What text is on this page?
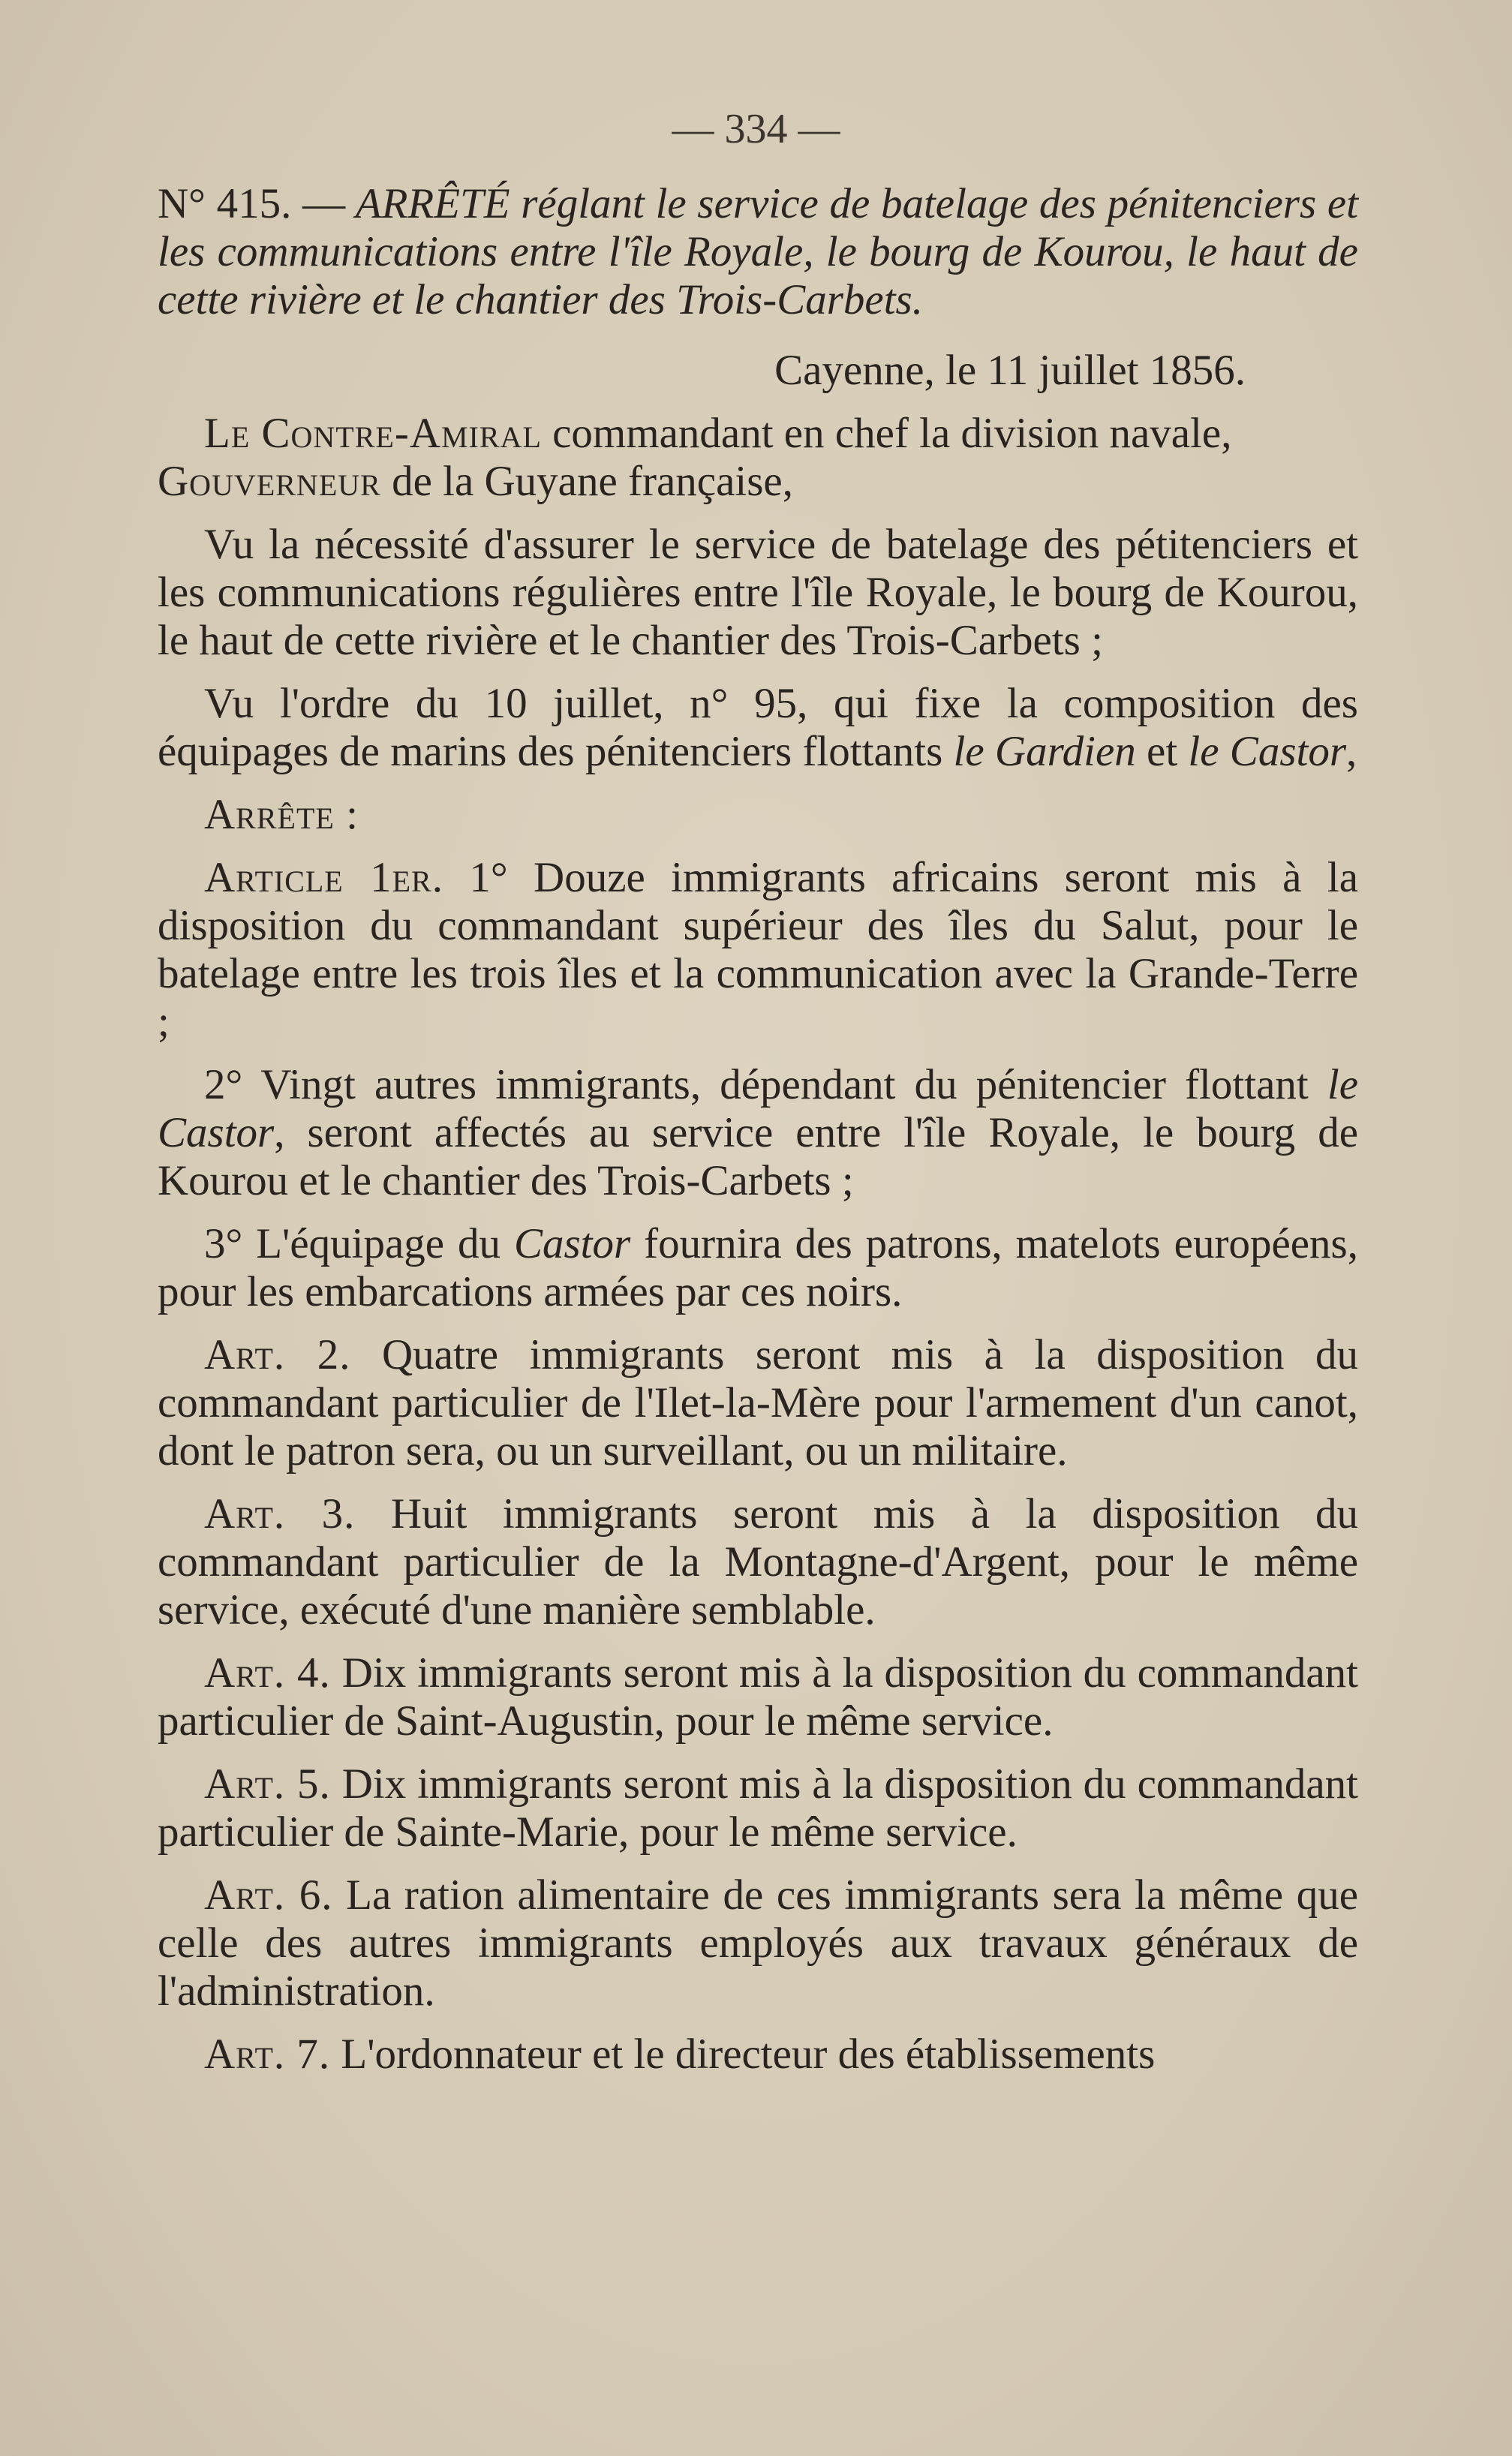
— 334 —
N° 415. — ARRÊTÉ réglant le service de batelage des pénitenciers et les communications entre l'île Royale, le bourg de Kourou, le haut de cette rivière et le chantier des Trois-Carbets.
Cayenne, le 11 juillet 1856.

Le Contre-Amiral commandant en chef la division navale,
Gouverneur de la Guyane française,

Vu la nécessité d'assurer le service de batelage des pétitenciers et les communications régulières entre l'île Royale, le bourg de Kourou, le haut de cette rivière et le chantier des Trois-Carbets ;

Vu l'ordre du 10 juillet, n° 95, qui fixe la composition des équipages de marins des pénitenciers flottants le Gardien et le Castor,

Arrête :

Article 1er. 1° Douze immigrants africains seront mis à la disposition du commandant supérieur des îles du Salut, pour le batelage entre les trois îles et la communication avec la Grande-Terre ;

2° Vingt autres immigrants, dépendant du pénitencier flottant le Castor, seront affectés au service entre l'île Royale, le bourg de Kourou et le chantier des Trois-Carbets ;

3° L'équipage du Castor fournira des patrons, matelots européens, pour les embarcations armées par ces noirs.

Art. 2. Quatre immigrants seront mis à la disposition du commandant particulier de l'Ilet-la-Mère pour l'armement d'un canot, dont le patron sera, ou un surveillant, ou un militaire.

Art. 3. Huit immigrants seront mis à la disposition du commandant particulier de la Montagne-d'Argent, pour le même service, exécuté d'une manière semblable.

Art. 4. Dix immigrants seront mis à la disposition du commandant particulier de Saint-Augustin, pour le même service.

Art. 5. Dix immigrants seront mis à la disposition du commandant particulier de Sainte-Marie, pour le même service.

Art. 6. La ration alimentaire de ces immigrants sera la même que celle des autres immigrants employés aux travaux généraux de l'administration.

Art. 7. L'ordonnateur et le directeur des établissements
